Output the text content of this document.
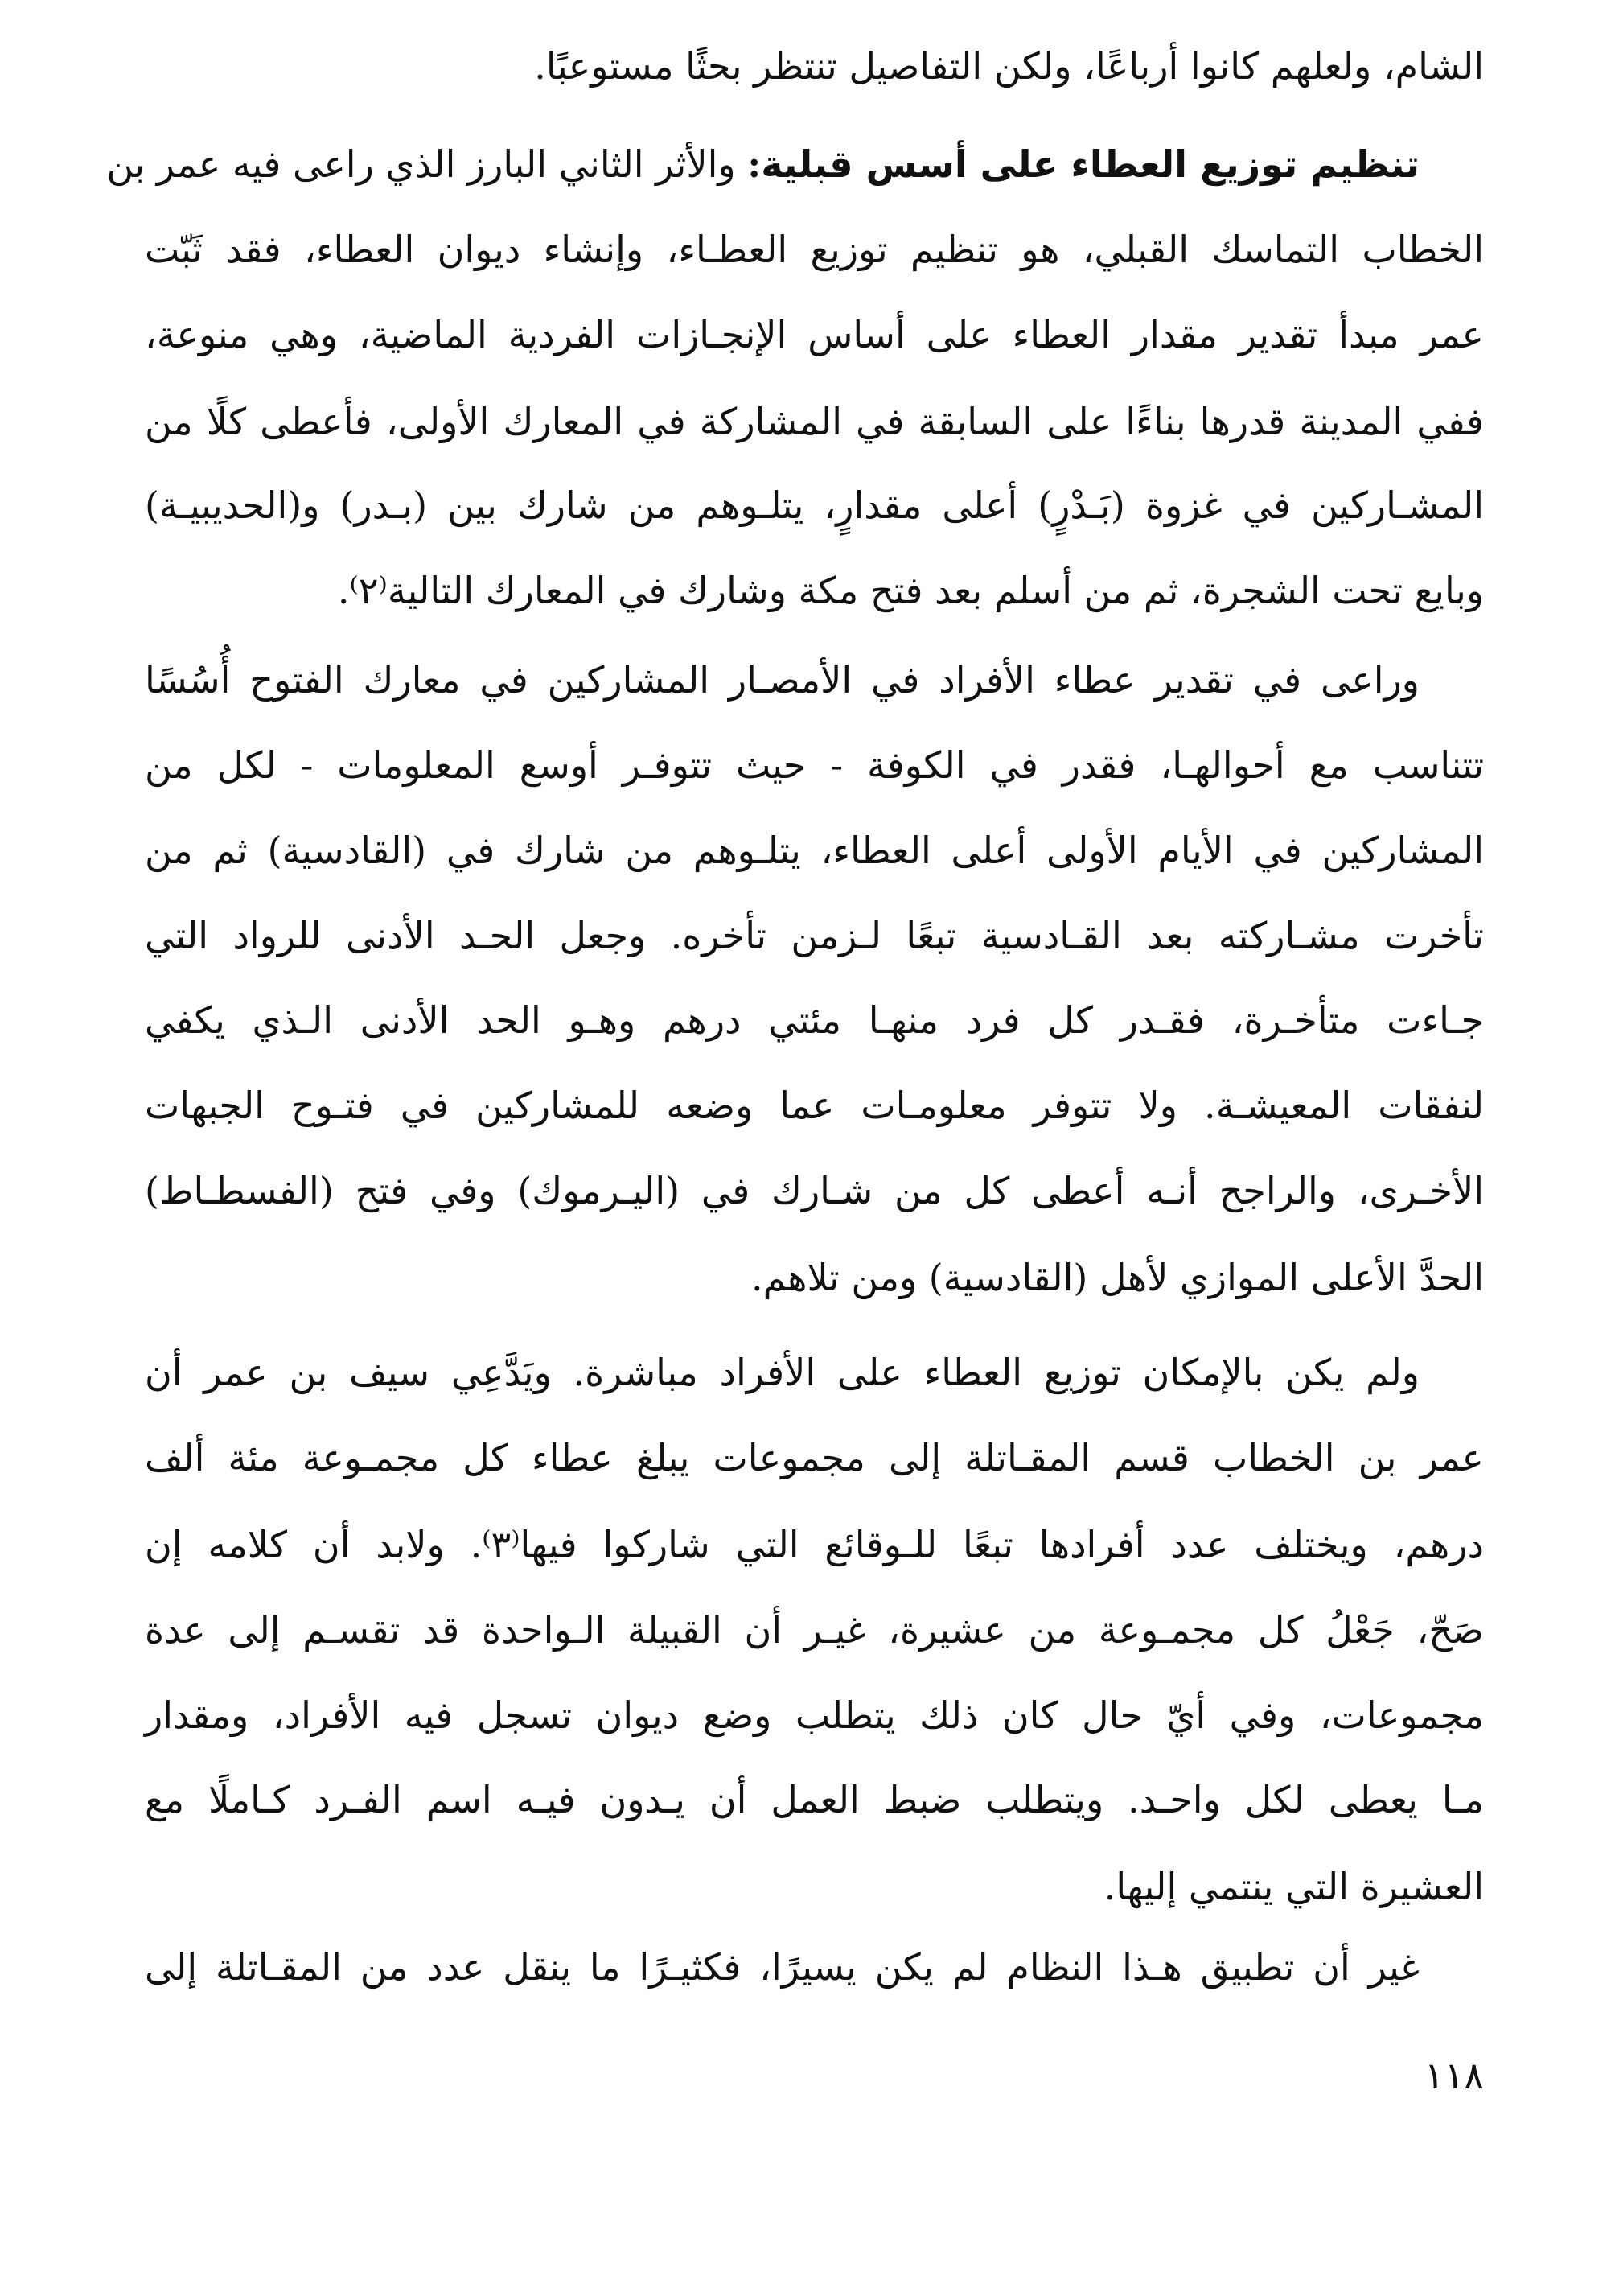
الشام، ولعلهم كانوا أرباعًا، ولكن التفاصيل تنتظر بحثًا مستوعبًا.
تنظيم توزيع العطاء على أسس قبلية: والأثر الثاني البارز الذي راعى فيه عمر بن
الخطاب التماسك القبلي، هو تنظيم توزيع العطـاء، وإنشاء ديوان العطاء، فقد ثَبّت
عمر مبدأ تقدير مقدار العطاء على أساس الإنجـازات الفردية الماضية، وهي منوعة،
ففي المدينة قدرها بناءًا على السابقة في المشاركة في المعارك الأولى، فأعطى كلًا من
المشـاركين في غزوة (بَـدْرٍ) أعلى مقدارٍ، يتلـوهم من شارك بين (بـدر) و(الحديبيـة)
وبايع تحت الشجرة، ثم من أسلم بعد فتح مكة وشارك في المعارك التالية⁽٢⁾.
وراعى في تقدير عطاء الأفراد في الأمصـار المشاركين في معارك الفتوح أُسُسًا
تتناسب مع أحوالهـا، فقدر في الكوفة - حيث تتوفـر أوسع المعلومات - لكل من
المشاركين في الأيام الأولى أعلى العطاء، يتلـوهم من شارك في (القادسية) ثم من
تأخرت مشـاركته بعد القـادسية تبعًا لـزمن تأخره. وجعل الحـد الأدنى للرواد التي
جـاءت متأخـرة، فقـدر كل فرد منهـا مئتي درهم وهـو الحد الأدنى الـذي يكفي
لنفقات المعيشـة. ولا تتوفر معلومـات عما وضعه للمشاركين في فتـوح الجبهات
الأخـرى، والراجح أنـه أعطى كل من شـارك في (اليـرموك) وفي فتح (الفسطـاط)
الحدَّ الأعلى الموازي لأهل (القادسية) ومن تلاهم.
ولم يكن بالإمكان توزيع العطاء على الأفراد مباشرة. ويَدَّعِي سيف بن عمر أن
عمر بن الخطاب قسم المقـاتلة إلى مجموعات يبلغ عطاء كل مجمـوعة مئة ألف
درهم، ويختلف عدد أفرادها تبعًا للـوقائع التي شاركوا فيها⁽٣⁾. ولابد أن كلامه إن
صَحّ، جَعْلُ كل مجمـوعة من عشيرة، غيـر أن القبيلة الـواحدة قد تقسـم إلى عدة
مجموعات، وفي أيّ حال كان ذلك يتطلب وضع ديوان تسجل فيه الأفراد، ومقدار
مـا يعطى لكل واحـد. ويتطلب ضبط العمل أن يـدون فيـه اسم الفـرد كـاملًا مع
العشيرة التي ينتمي إليها.
غير أن تطبيق هـذا النظام لم يكن يسيرًا، فكثيـرًا ما ينقل عدد من المقـاتلة إلى
١١٨
